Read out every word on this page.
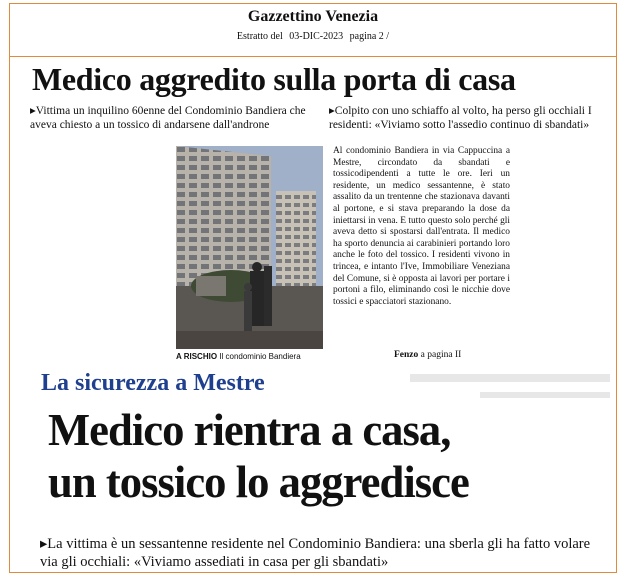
Gazzettino Venezia
Estratto del 03-DIC-2023 pagina 2 /
Medico aggredito sulla porta di casa
▸Vittima un inquilino 60enne del Condominio Bandiera che aveva chiesto a un tossico di andarsene dall'androne
▸Colpito con uno schiaffo al volto, ha perso gli occhiali I residenti: «Viviamo sotto l'assedio continuo di sbandati»
A RISCHIO Il condominio Bandiera
Al condominio Bandiera in via Cappuccina a Mestre, circondato da sbandati e tossicodipendenti a tutte le ore. Ieri un residente, un medico sessantenne, è stato assalito da un trentenne che stazionava davanti al portone, e si stava preparando la dose da iniettarsi in vena. E tutto questo solo perché gli aveva detto si spostarsi dall'entrata. Il medico ha sporto denuncia ai carabinieri portando loro anche le foto del tossico. I residenti vivono in trincea, e intanto l'Ive, Immobiliare Veneziana del Comune, si è opposta ai lavori per portare i portoni a filo, eliminando così le nicchie dove tossici e spacciatori stazionano.
Fenzo a pagina II
La sicurezza a Mestre
Medico rientra a casa,
un tossico lo aggredisce
▸La vittima è un sessantenne residente nel Condominio Bandiera: una sberla gli ha fatto volare via gli occhiali: «Viviamo assediati in casa per gli sbandati»
